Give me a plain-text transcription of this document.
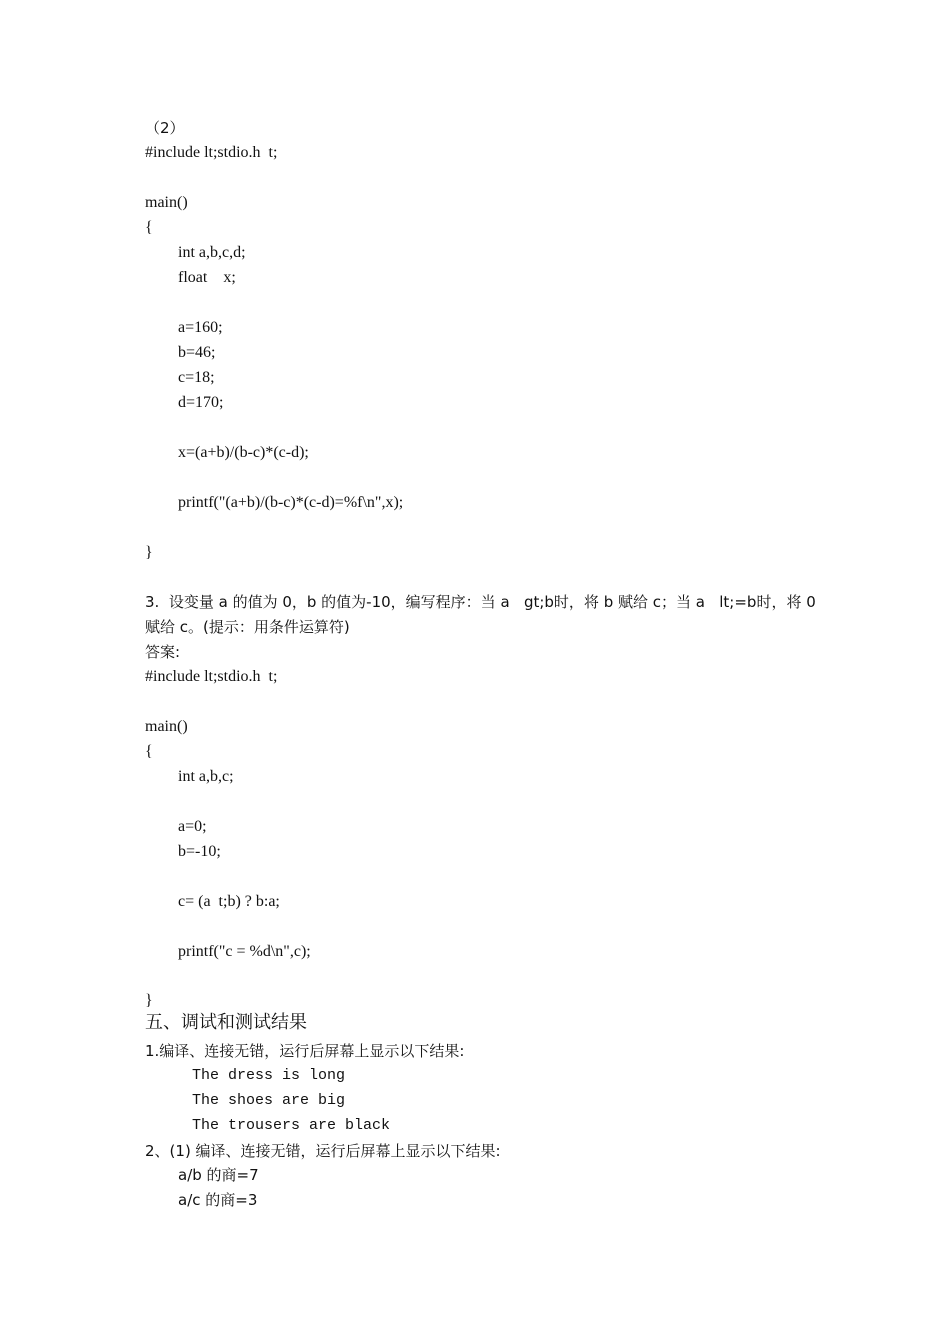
（2）

#include lt;stdio.h  t;

main()

{

int a,b,c,d;

float    x;

a=160;

b=46;

c=18;

d=170;

x=(a+b)/(b-c)*(c-d);

printf("(a+b)/(b-c)*(c-d)=%f\n",x);

}

3.  设变量 a 的值为 0，b 的值为-10，编写程序：当 a   gt;b时，将 b 赋给 c；当 a   lt;=b时，将 0

赋给 c。(提示：用条件运算符)

答案:

#include lt;stdio.h  t;

main()

{

int a,b,c;

a=0;

b=-10;

c= (a  t;b) ? b:a;

printf("c = %d\n",c);

}

五、调试和测试结果

1.编译、连接无错，运行后屏幕上显示以下结果:

The dress is long

The shoes are big

The trousers are black

2、(1) 编译、连接无错，运行后屏幕上显示以下结果:

a/b 的商=7

a/c 的商=3
